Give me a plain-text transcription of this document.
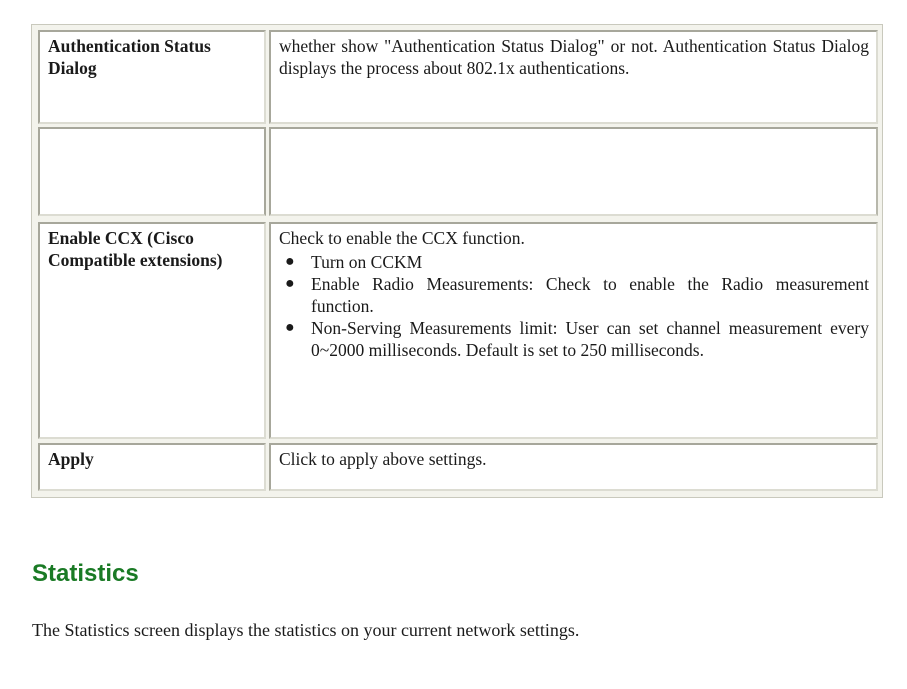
Authentication Status Dialog

whether show "Authentication Status Dialog" or not. Authentication Status Dialog displays the process about 802.1x authentications.

Enable CCX (Cisco Compatible extensions)

Check to enable the CCX function.

● Turn on CCKM
● Enable Radio Measurements: Check to enable the Radio measurement function.
● Non-Serving Measurements limit: User can set channel measurement every 0~2000 milliseconds. Default is set to 250 milliseconds.
Apply	Click to apply above settings.

Statistics

The Statistics screen displays the statistics on your current network settings.
